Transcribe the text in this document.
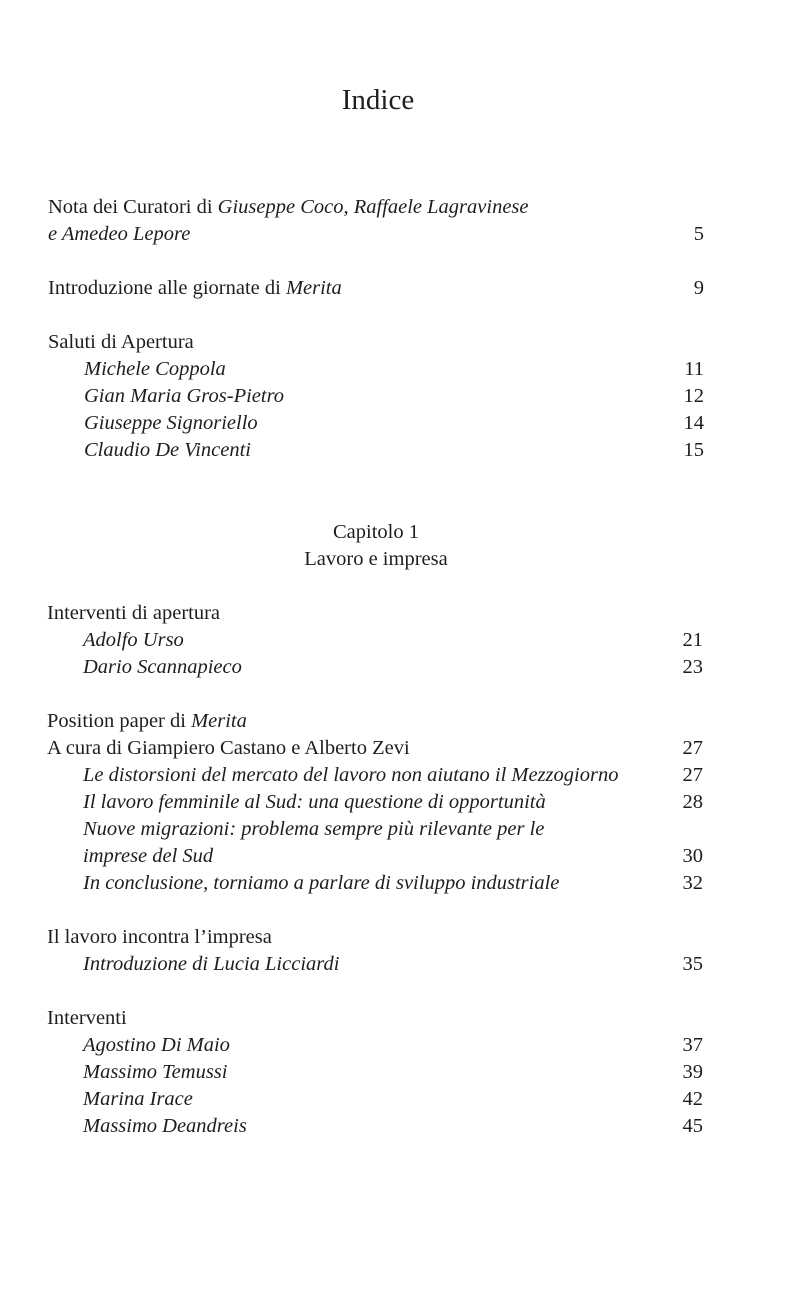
Indice
Nota dei Curatori di Giuseppe Coco, Raffaele Lagravinese
e Amedeo Lepore	5
Introduzione alle giornate di Merita	9
Saluti di Apertura
Michele Coppola	11
Gian Maria Gros-Pietro	12
Giuseppe Signoriello	14
Claudio De Vincenti	15
Capitolo 1
Lavoro e impresa
Interventi di apertura
Adolfo Urso	21
Dario Scannapieco	23
Position paper di Merita
A cura di Giampiero Castano e Alberto Zevi	27
Le distorsioni del mercato del lavoro non aiutano il Mezzogiorno	27
Il lavoro femminile al Sud: una questione di opportunità	28
Nuove migrazioni: problema sempre più rilevante per le
imprese del Sud	30
In conclusione, torniamo a parlare di sviluppo industriale	32
Il lavoro incontra l’impresa
Introduzione di Lucia Licciardi	35
Interventi
Agostino Di Maio	37
Massimo Temussi	39
Marina Irace	42
Massimo Deandreis	45
